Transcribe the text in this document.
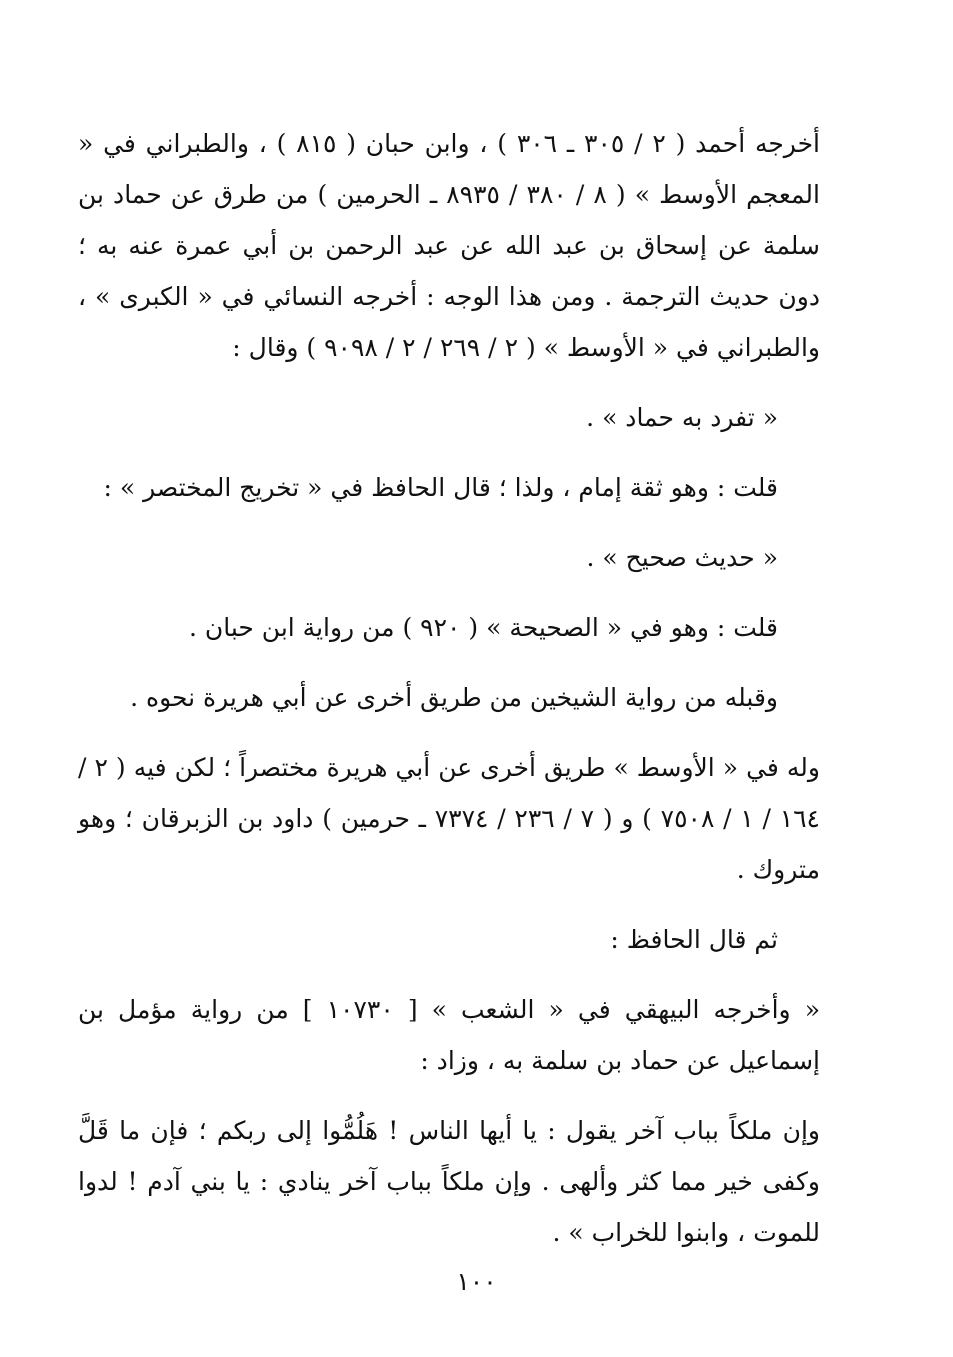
أخرجه أحمد ( ٢ / ٣٠٥ ـ ٣٠٦ ) ، وابن حبان ( ٨١٥ ) ، والطبراني في « المعجم الأوسط » ( ٨ / ٣٨٠ / ٨٩٣٥ ـ الحرمين ) من طرق عن حماد بن سلمة عن إسحاق بن عبد الله عن عبد الرحمن بن أبي عمرة عنه به ؛ دون حديث الترجمة . ومن هذا الوجه : أخرجه النسائي في « الكبرى » ، والطبراني في « الأوسط » ( ٢ / ٢٦٩ / ٢ / ٩٠٩٨ ) وقال :

« تفرد به حماد » .

قلت : وهو ثقة إمام ، ولذا ؛ قال الحافظ في « تخريج المختصر » :

« حديث صحيح » .

قلت : وهو في « الصحيحة » ( ٩٢٠ ) من رواية ابن حبان .

وقبله من رواية الشيخين من طريق أخرى عن أبي هريرة نحوه .

وله في « الأوسط » طريق أخرى عن أبي هريرة مختصراً ؛ لكن فيه ( ٢ / ١٦٤ / ١ / ٧٥٠٨ ) و ( ٧ / ٢٣٦ / ٧٣٧٤ ـ حرمين ) داود بن الزبرقان ؛ وهو متروك .

ثم قال الحافظ :

« وأخرجه البيهقي في « الشعب » [ ١٠٧٣٠ ] من رواية مؤمل بن إسماعيل عن حماد بن سلمة به ، وزاد :

وإن ملكاً بباب آخر يقول : يا أيها الناس ! هَلُمُّوا إلى ربكم ؛ فإن ما قَلَّ وكفى خير مما كثر وألهى . وإن ملكاً بباب آخر ينادي : يا بني آدم ! لدوا للموت ، وابنوا للخراب » .

١٠٠
